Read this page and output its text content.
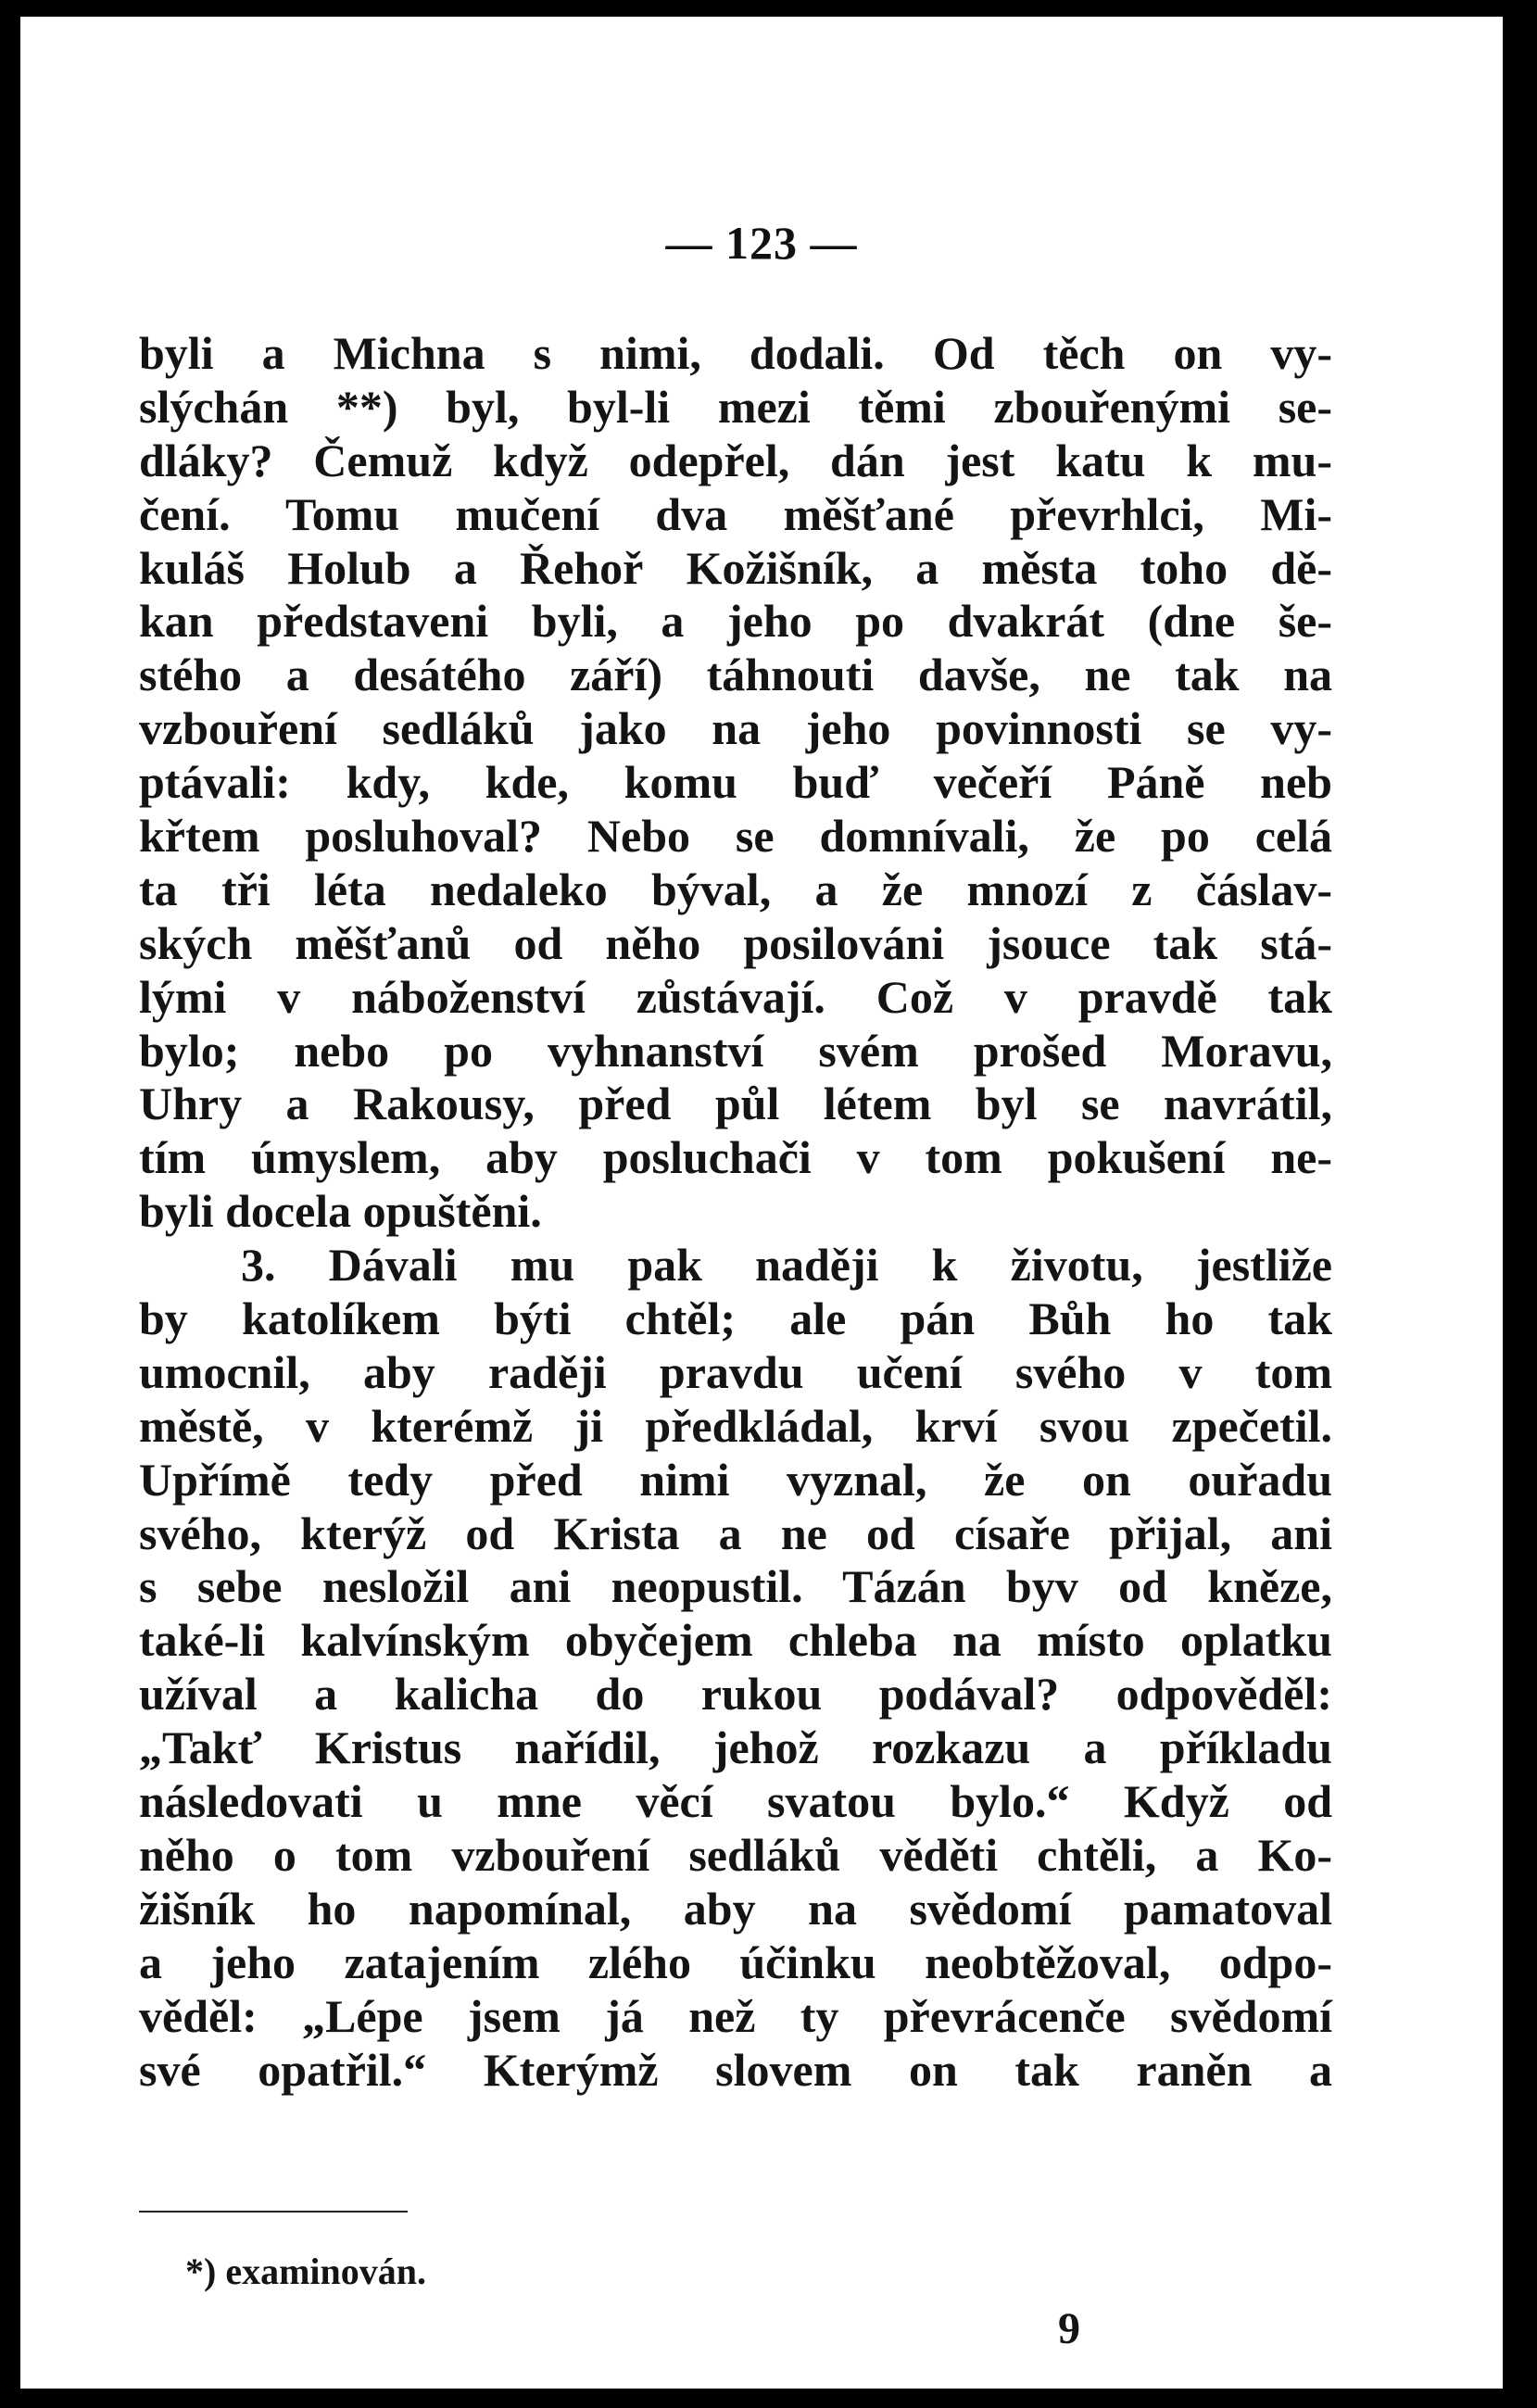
— 123 —
byli a Michna s nimi, dodali. Od těch on vy-
slýchán **) byl, byl-li mezi těmi zbouřenými se-
dláky? Čemuž když odepřel, dán jest katu k mu-
čení. Tomu mučení dva měšťané převrhlci, Mi-
kuláš Holub a Řehoř Kožišník, a města toho dě-
kan představeni byli, a jeho po dvakrát (dne še-
stého a desátého září) táhnouti davše, ne tak na
vzbouření sedláků jako na jeho povinnosti se vy-
ptávali: kdy, kde, komu buď večeří Páně neb
křtem posluhoval? Nebo se domnívali, že po celá
ta tři léta nedaleko býval, a že mnozí z čáslav-
ských měšťanů od něho posilováni jsouce tak stá-
lými v náboženství zůstávají. Což v pravdě tak
bylo; nebo po vyhnanství svém prošed Moravu,
Uhry a Rakousy, před půl létem byl se navrátil,
tím úmyslem, aby posluchači v tom pokušení ne-
byli docela opuštěni.
3. Dávali mu pak naději k životu, jestliže
by katolíkem býti chtěl; ale pán Bůh ho tak
umocnil, aby raději pravdu učení svého v tom
městě, v kterémž ji předkládal, krví svou zpečetil.
Upřímě tedy před nimi vyznal, že on ouřadu
svého, kterýž od Krista a ne od císaře přijal, ani
s sebe nesložil ani neopustil. Tázán byv od kněze,
také-li kalvínským obyčejem chleba na místo oplatku
užíval a kalicha do rukou podával? odpověděl:
„Takť Kristus nařídil, jehož rozkazu a příkladu
následovati u mne věcí svatou bylo.“ Když od
něho o tom vzbouření sedláků věděti chtěli, a Ko-
žišník ho napomínal, aby na svědomí pamatoval
a jeho zatajením zlého účinku neobtěžoval, odpo-
věděl: „Lépe jsem já než ty převrácenče svědomí
své opatřil.“ Kterýmž slovem on tak raněn a
*) examinován.
9
